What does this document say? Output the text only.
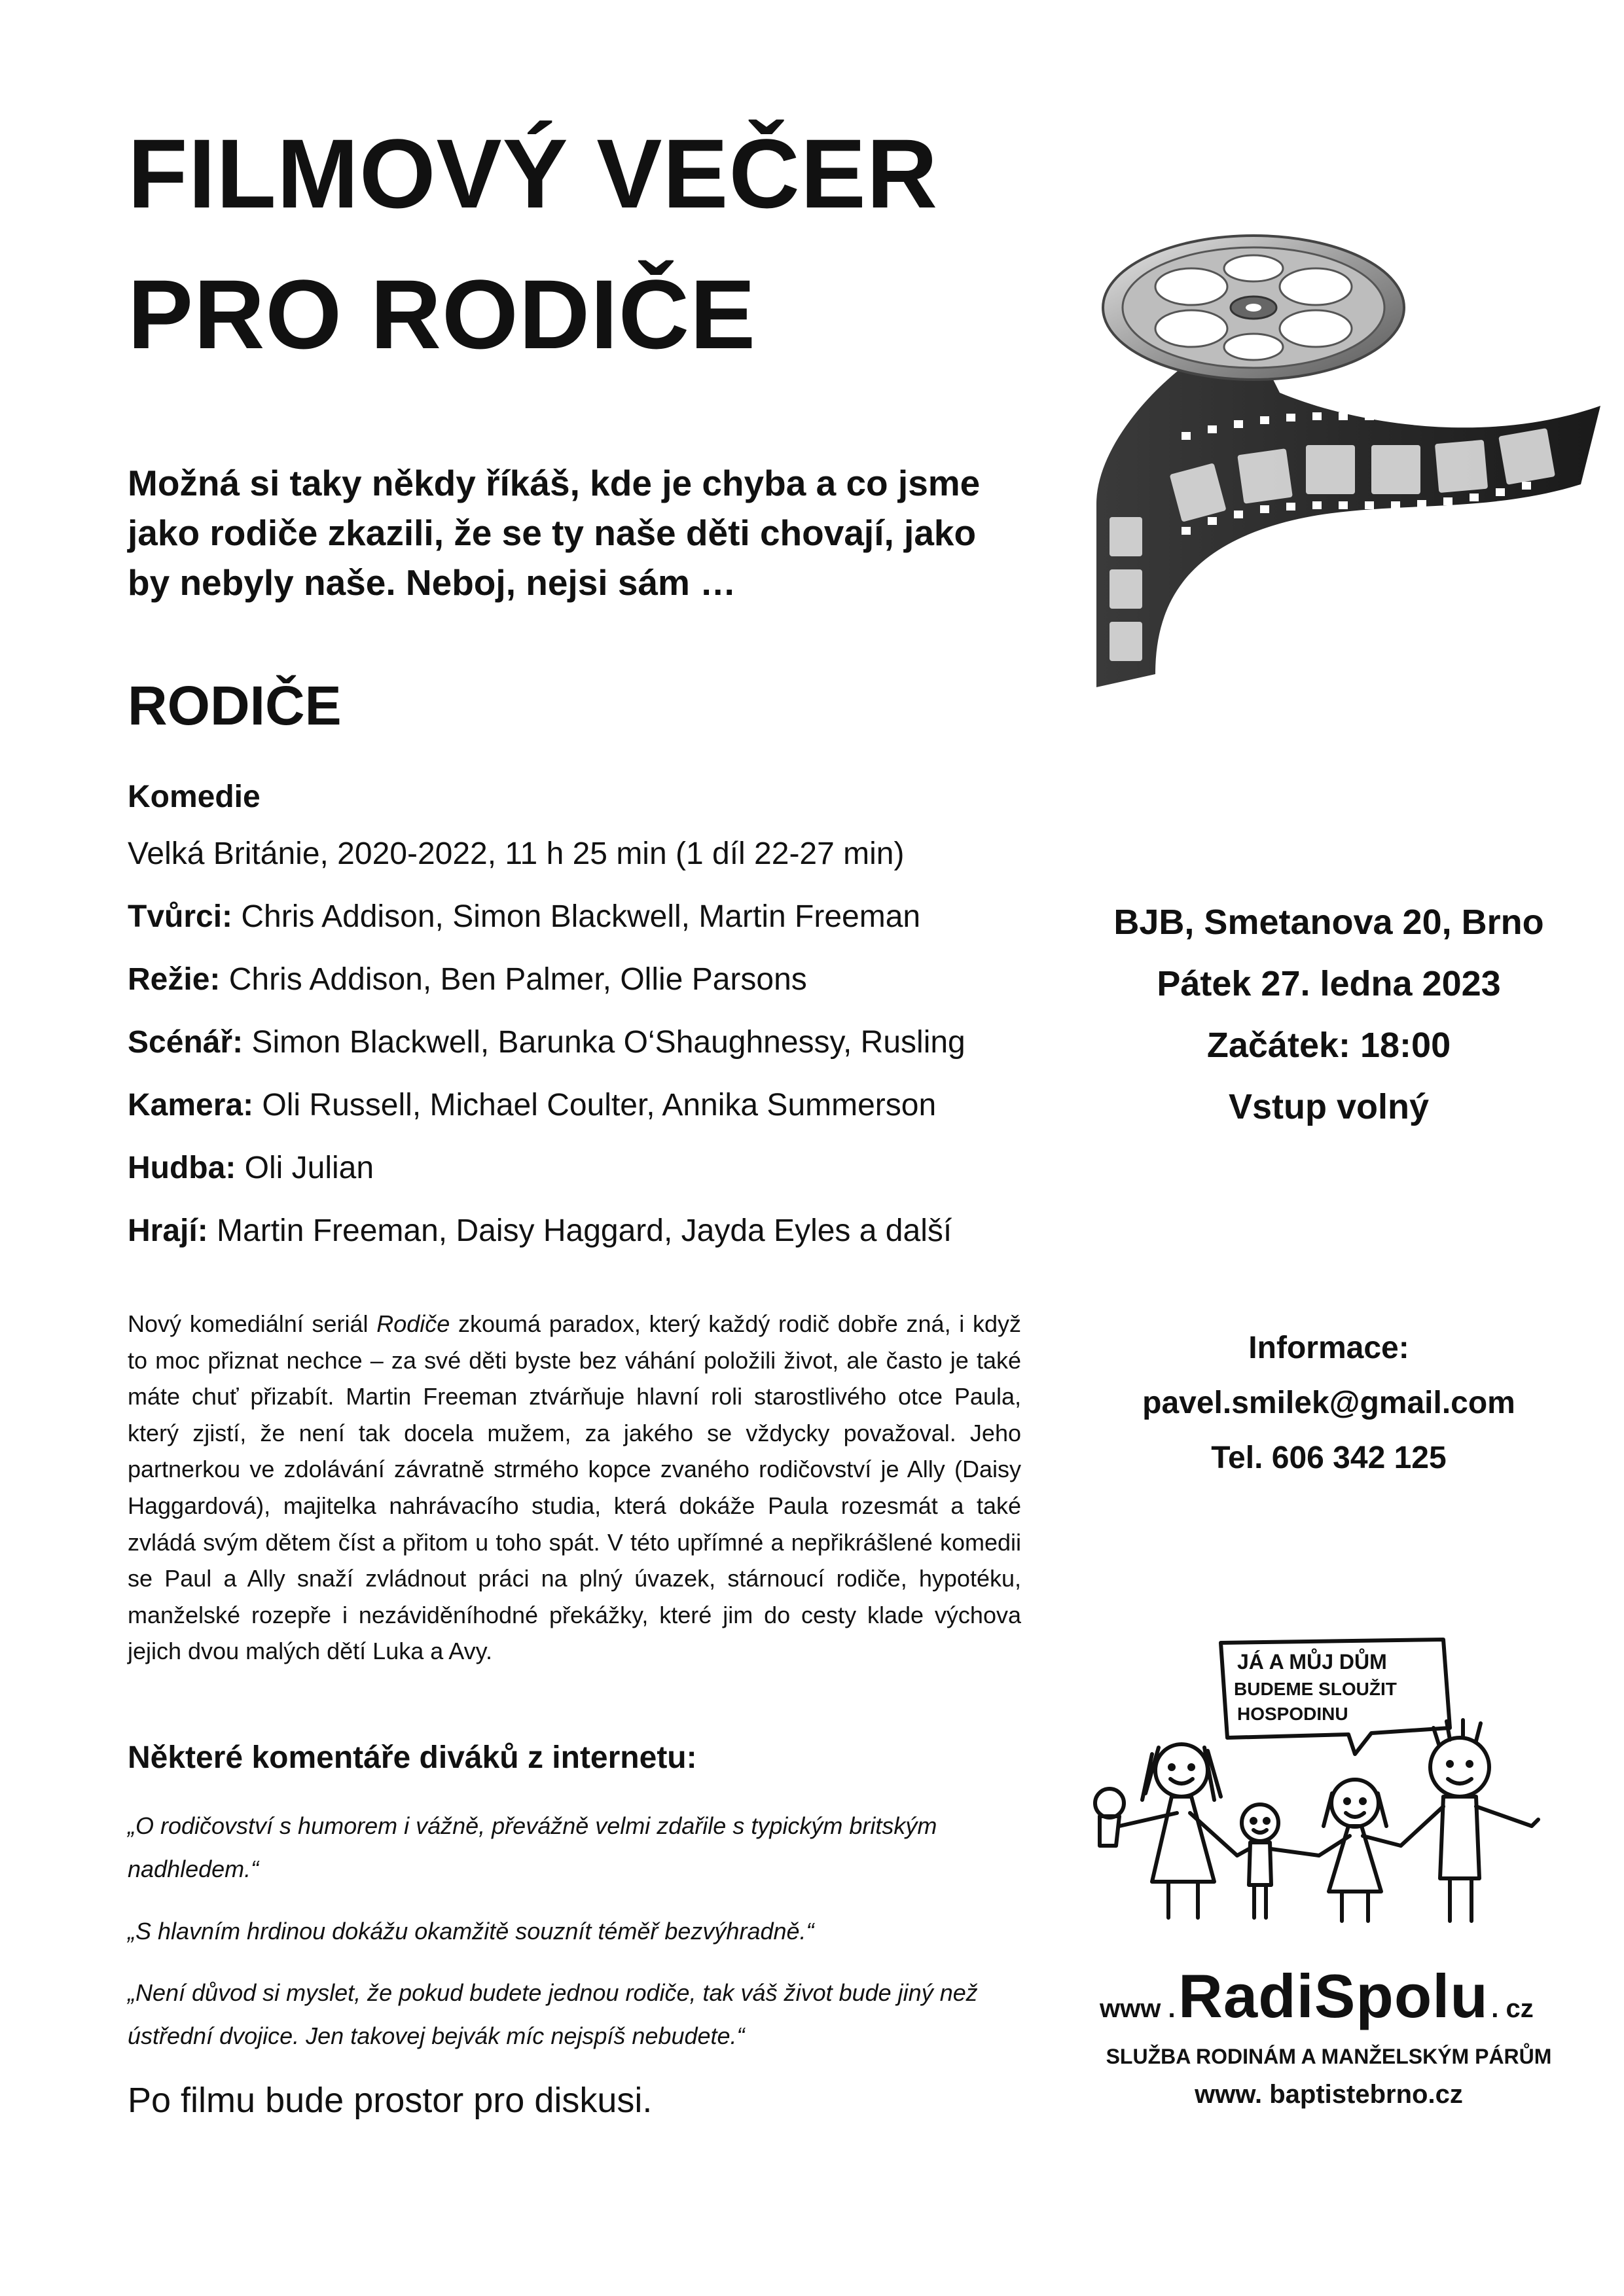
FILMOVÝ VEČER
PRO RODIČE
Možná si taky někdy říkáš, kde je chyba a co jsme
jako rodiče zkazili, že se ty naše děti chovají, jako
by nebyly naše. Neboj, nejsi sám …
RODIČE
Komedie
Velká Británie, 2020-2022, 11 h 25 min (1 díl 22-27 min)
Tvůrci: Chris Addison, Simon Blackwell, Martin Freeman
Režie: Chris Addison, Ben Palmer, Ollie Parsons
Scénář: Simon Blackwell, Barunka O‘Shaughnessy, Rusling
Kamera: Oli Russell, Michael Coulter, Annika Summerson
Hudba: Oli Julian
Hrají: Martin Freeman, Daisy Haggard, Jayda Eyles a další
Nový komediální seriál Rodiče zkoumá paradox, který každý rodič dobře zná, i když to moc přiznat nechce – za své děti byste bez váhání položili život, ale často je také máte chuť přizabít. Martin Freeman ztvárňuje hlavní roli starostlivého otce Paula, který zjistí, že není tak docela mužem, za jakého se vždycky považoval. Jeho partnerkou ve zdolávání závratně strmého kopce zvaného rodičovství je Ally (Daisy Haggardová), majitelka nahrávacího studia, která dokáže Paula rozesmát a také zvládá svým dětem číst a přitom u toho spát. V této upřímné a nepřikrášlené komedii se Paul a Ally snaží zvládnout práci na plný úvazek, stárnoucí rodiče, hypotéku, manželské rozepře i nezáviděníhodné překážky, které jim do cesty klade výchova jejich dvou malých dětí Luka a Avy.
Některé komentáře diváků z internetu:
„O rodičovství s humorem i vážně, převážně velmi zdařile s typickým britským nadhledem.“
„S hlavním hrdinou dokážu okamžitě souznít téměř bezvýhradně.“
„Není důvod si myslet, že pokud budete jednou rodiče, tak váš život bude jiný než ústřední dvojice. Jen takovej bejvák míc nejspíš nebudete.“
Po filmu bude prostor pro diskusi.
BJB, Smetanova 20, Brno
Pátek 27. ledna 2023
Začátek: 18:00
Vstup volný
Informace:
pavel.smilek@gmail.com
Tel. 606 342 125
JÁ A MŮJ DŮM
BUDEME SLOUŽIT
HOSPODINU
www . RadiSpolu . cz
SLUŽBA RODINÁM A MANŽELSKÝM PÁRŮM
www. baptistebrno.cz
